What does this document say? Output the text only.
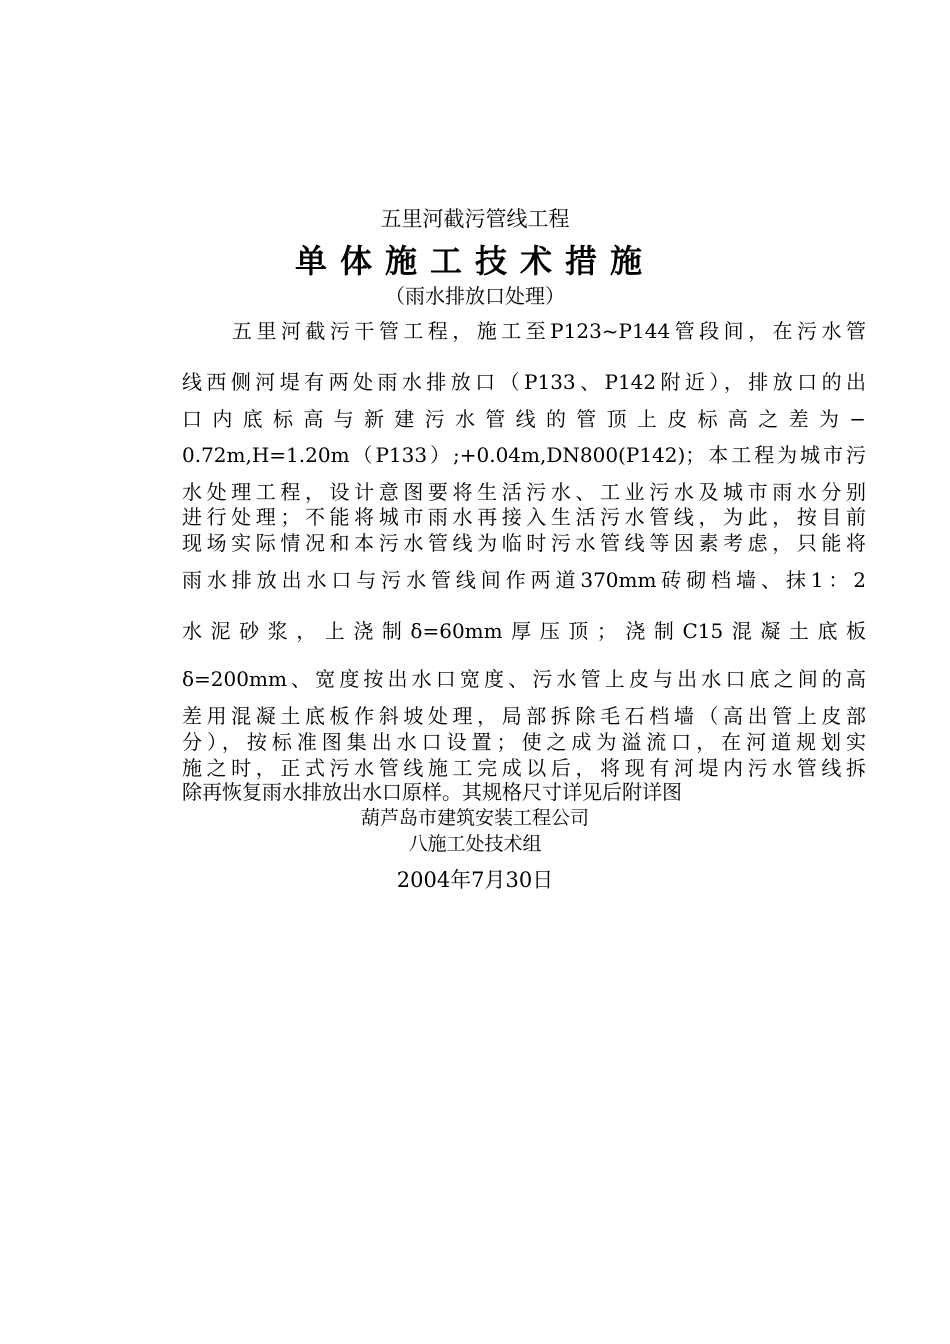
五里河截污管线工程
单体施工技术措施
（雨水排放口处理）
五里河截污干管工程，施工至P123~P144管段间，在污水管
线西侧河堤有两处雨水排放口（P133、P142附近），排放口的出
口内底标高与新建污水管线的管顶上皮标高之差为−
0.72m,H=1.20m（P133）;+0.04m,DN800(P142)；本工程为城市污
水处理工程，设计意图要将生活污水、工业污水及城市雨水分别
进行处理；不能将城市雨水再接入生活污水管线，为此，按目前
现场实际情况和本污水管线为临时污水管线等因素考虑，只能将
雨水排放出水口与污水管线间作两道370mm砖砌档墙、抹1：2
水泥砂浆，上浇制δ=60mm厚压顶；浇制C15混凝土底板
δ=200mm、宽度按出水口宽度、污水管上皮与出水口底之间的高
差用混凝土底板作斜坡处理，局部拆除毛石档墙（高出管上皮部
分），按标准图集出水口设置；使之成为溢流口，在河道规划实
施之时，正式污水管线施工完成以后，将现有河堤内污水管线拆
除再恢复雨水排放出水口原样。其规格尺寸详见后附详图
葫芦岛市建筑安装工程公司
八施工处技术组
2004年7月30日
